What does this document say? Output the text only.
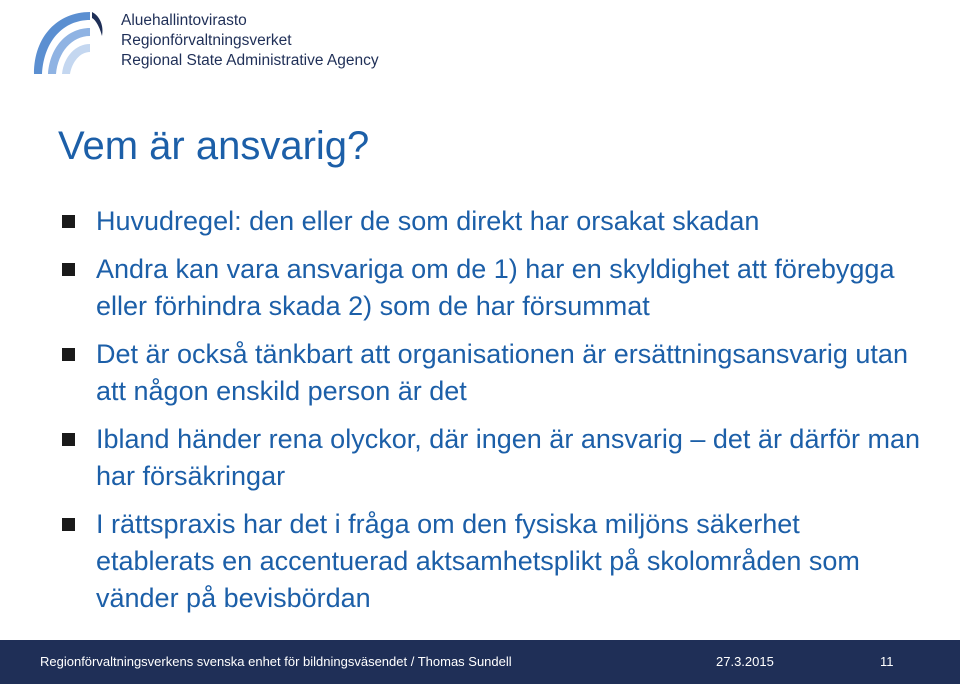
Aluehallintovirasto
Regionförvaltningsverket
Regional State Administrative Agency
Vem är ansvarig?
Huvudregel: den eller de som direkt har orsakat skadan
Andra kan vara ansvariga om de 1) har en skyldighet att förebygga eller förhindra skada 2) som de har försummat
Det är också tänkbart att organisationen är ersättningsansvarig utan att någon enskild person är det
Ibland händer rena olyckor, där ingen är ansvarig – det är därför man har försäkringar
I rättspraxis har det i fråga om den fysiska miljöns säkerhet etablerats en accentuerad aktsamhetsplikt på skolområden som vänder på bevisbördan
Regionförvaltningsverkens svenska enhet för bildningsväsendet / Thomas Sundell	27.3.2015	11
